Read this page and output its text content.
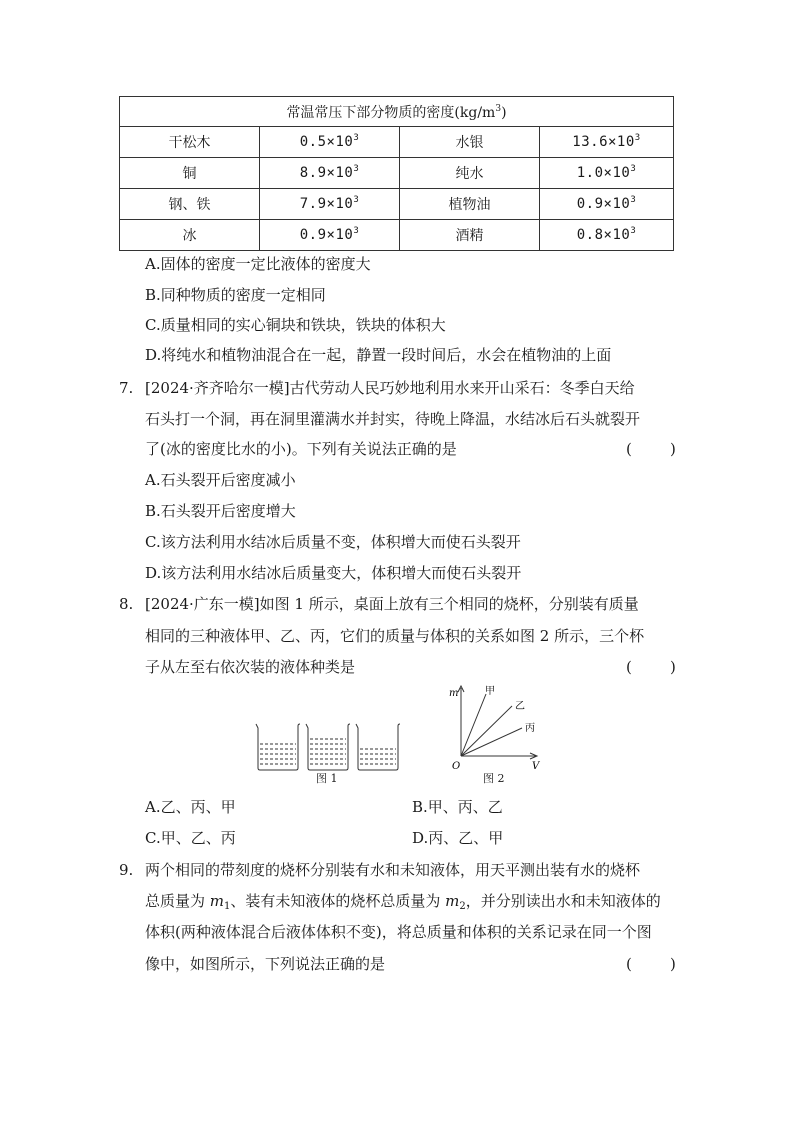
常温常压下部分物质的密度$(kg/m^3)$			
干松木	$0.5\times 10^3$	水银	$13.6\times 10^3$
铜	$8.9\times 10^3$	纯水	$1.0\times 10^3$
钢、铁	$7.9\times 10^3$	植物油	$0.9\times 10^3$
冰	$0.9\times 10^3$	酒精	$0.8\times 10^3$
A.固体的密度一定比液体的密度大
B.同种物质的密度一定相同
C.质量相同的实心铜块和铁块，铁块的体积大
D.将纯水和植物油混合在一起，静置一段时间后，水会在植物油的上面
7. [2024·齐齐哈尔一模]古代劳动人民巧妙地利用水来开山采石：冬季白天给
石头打一个洞，再在洞里灌满水并封实，待晚上降温，水结冰后石头就裂开
了(冰的密度比水的小)。下列有关说法正确的是	(        )
A.石头裂开后密度减小
B.石头裂开后密度增大
C.该方法利用水结冰后质量不变，体积增大而使石头裂开
D.该方法利用水结冰后质量变大，体积增大而使石头裂开
8. [2024·广东一模]如图 1 所示，桌面上放有三个相同的烧杯，分别装有质量
相同的三种液体甲、乙、丙，它们的质量与体积的关系如图 2 所示，三个杯
子从左至右依次装的液体种类是	(        )
图 1
m
V
O
甲
乙
丙
图 2
A.乙、丙、甲	B.甲、丙、乙
C.甲、乙、丙	D.丙、乙、甲
9. 两个相同的带刻度的烧杯分别装有水和未知液体，用天平测出装有水的烧杯
总质量为 $m_1$、装有未知液体的烧杯总质量为 $m_2$，并分别读出水和未知液体的
体积(两种液体混合后液体体积不变)，将总质量和体积的关系记录在同一个图
像中，如图所示，下列说法正确的是	(        )
